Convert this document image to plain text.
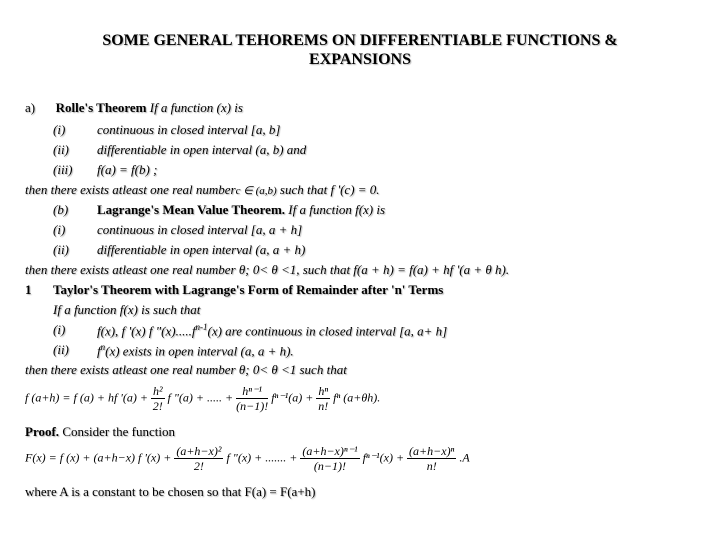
SOME GENERAL TEHOREMS ON DIFFERENTIABLE FUNCTIONS &
EXPANSIONS
a) Rolle's Theorem If a function (x) is
(i) continuous in closed interval [a, b]
(ii) differentiable in open interval (a, b) and
(iii) f(a) = f(b) ;
then there exists atleast one real numberc ∈ (a,b) such that f '(c) = 0.
(b) Lagrange's Mean Value Theorem. If a function f(x) is
(i) continuous in closed interval [a, a + h]
(ii) differentiable in open interval (a, a + h)
then there exists atleast one real number θ; 0< θ <1, such that f(a + h) = f(a) + hf '(a + θ h).
1 Taylor's Theorem with Lagrange's Form of Remainder after 'n' Terms
If a function f(x) is such that
(i) f(x), f '(x) f "$(x).....f^{n-1}(x)$ are continuous in closed interval [a, a+ h]
(ii) $f^n(x)$ exists in open interval (a, a + h).
then there exists atleast one real number θ; 0< θ <1 such that
f (a+h) = f (a) + hf '$(a) + \frac{\text{h²}}{2!}$ f "(a) + ..... + $\frac{\text{hⁿ⁻¹}}{(n-1)!} f^{n-1}(a) + \frac{\text{hⁿ}}{n!}$ fⁿ (a+θh).
Proof. Consider the function
F(x) = f (x) + (a+h−x) f '$(x) + \frac{\text{(a+h−x)²}}{2!}$ f "(x) + ....... + $\frac{\text{(a+h−x)ⁿ⁻¹}}{(n-1)!} f^{n-1}(x) + \frac{\text{(a+h−x)ⁿ}}{n!} .A$
where A is a constant to be chosen so that F(a) = F(a+h)
